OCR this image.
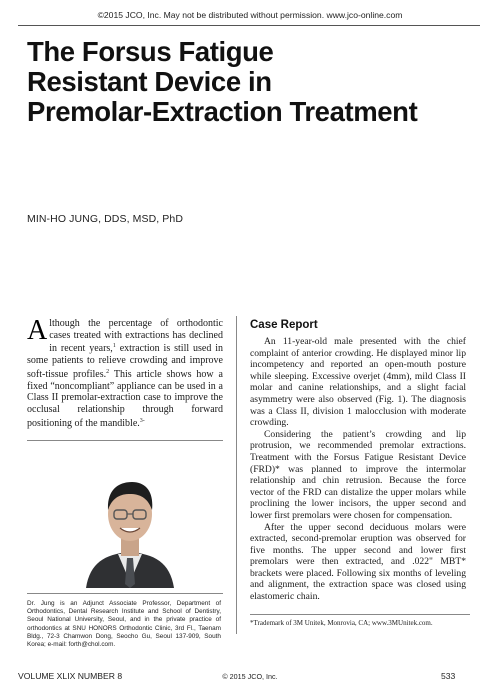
©2015 JCO, Inc. May not be distributed without permission. www.jco-online.com
The Forsus Fatigue
Resistant Device in
Premolar-Extraction Treatment
MIN-HO JUNG, DDS, MSD, PhD

Although the percentage of orthodontic cases treated with extractions has declined in recent years,$^1$ extraction is still used in some patients to relieve crowding and improve soft-tissue profiles.$^2$ This article shows how a fixed “noncompliant” appliance can be used in a Class II premolar-extraction case to improve the occlusal relationship through forward positioning of the mandible.$^{3-}$

Dr. Jung is an Adjunct Associate Professor, Department of Orthodontics, Dental Research Institute and School of Dentistry, Seoul National University, Seoul, and in the private practice of orthodontics at SNU HONORS Orthodontic Clinic, 3rd Fl., Taenam Bldg., 72-3 Chamwon Dong, Seocho Gu, Seoul 137-909, South Korea; e-mail: forth@chol.com.
Case Report

An 11-year-old male presented with the chief complaint of anterior crowding. He displayed minor lip incompetency and reported an open-mouth posture while sleeping. Excessive overjet (4mm), mild Class II molar and canine relationships, and a slight facial asymmetry were also observed (Fig. 1). The diagnosis was a Class II, division 1 malocclusion with moderate crowding.

Considering the patient’s crowding and lip protrusion, we recommended premolar extractions. Treatment with the Forsus Fatigue Resistant Device (FRD)* was planned to improve the intermolar relationship and chin retrusion. Because the force vector of the FRD can distalize the upper molars while proclining the lower incisors, the upper second and lower first premolars were chosen for compensation.

After the upper second deciduous molars were extracted, second-premolar eruption was observed for five months. The upper second and lower first premolars were then extracted, and .022" MBT* brackets were placed. Following six months of leveling and alignment, the extraction space was closed using elastomeric chain.

*Trademark of 3M Unitek, Monrovia, CA; www.3MUnitek.com.
VOLUME XLIX NUMBER 8	© 2015 JCO, Inc.	533
